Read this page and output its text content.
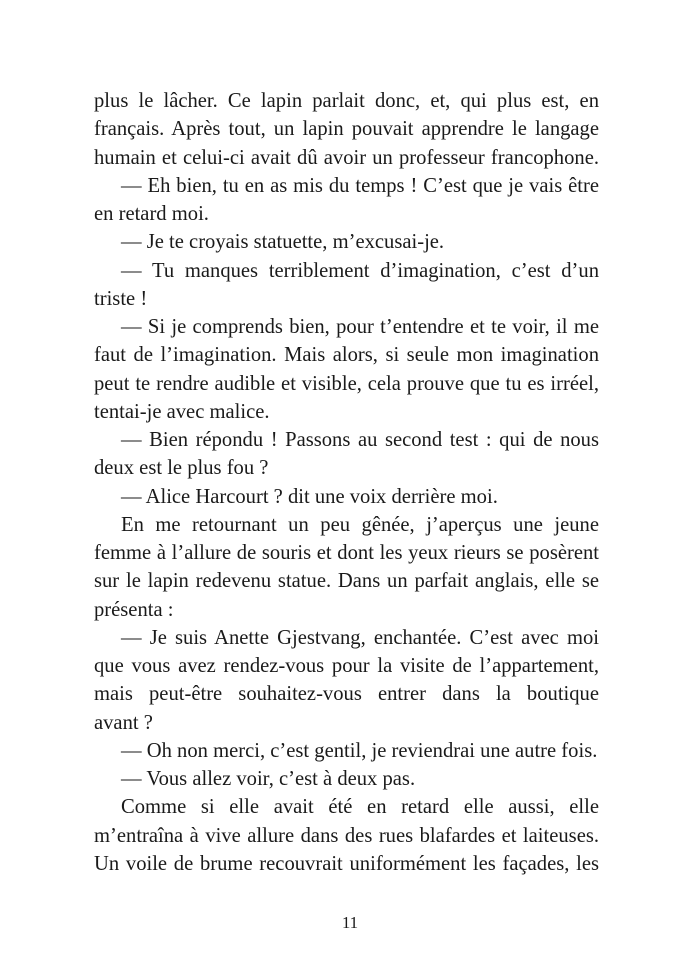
plus le lâcher. Ce lapin parlait donc, et, qui plus est, en
français. Après tout, un lapin pouvait apprendre le langage
humain et celui-ci avait dû avoir un professeur francophone.
— Eh bien, tu en as mis du temps ! C’est que je vais être
en retard moi.
— Je te croyais statuette, m’excusai-je.
— Tu manques terriblement d’imagination, c’est d’un
triste !
— Si je comprends bien, pour t’entendre et te voir, il me
faut de l’imagination. Mais alors, si seule mon imagination
peut te rendre audible et visible, cela prouve que tu es irréel,
tentai-je avec malice.
— Bien répondu ! Passons au second test : qui de nous
deux est le plus fou ?
— Alice Harcourt ? dit une voix derrière moi.
En me retournant un peu gênée, j’aperçus une jeune
femme à l’allure de souris et dont les yeux rieurs se posèrent
sur le lapin redevenu statue. Dans un parfait anglais, elle se
présenta :
— Je suis Anette Gjestvang, enchantée. C’est avec moi
que vous avez rendez-vous pour la visite de l’appartement,
mais peut-être souhaitez-vous entrer dans la boutique
avant ?
— Oh non merci, c’est gentil, je reviendrai une autre fois.
— Vous allez voir, c’est à deux pas.
Comme si elle avait été en retard elle aussi, elle
m’entraîna à vive allure dans des rues blafardes et laiteuses.
Un voile de brume recouvrait uniformément les façades, les
11
